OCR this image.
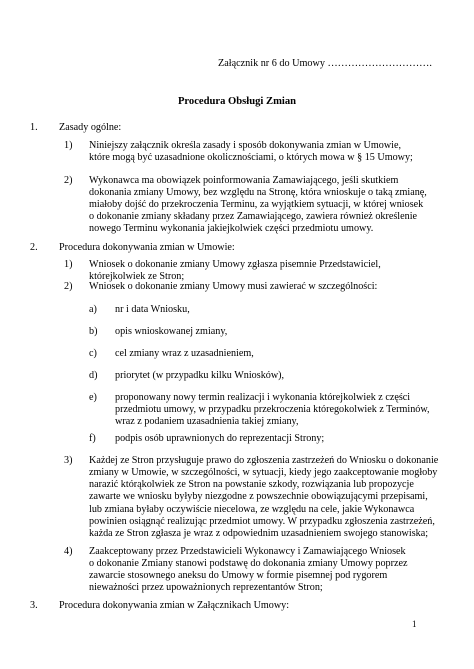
Załącznik nr 6 do Umowy ………………………….
Procedura Obsługi Zmian
1. Zasady ogólne:
1) Niniejszy załącznik określa zasady i sposób dokonywania zmian w Umowie,
które mogą być uzasadnione okolicznościami, o których mowa w § 15 Umowy;
2) Wykonawca ma obowiązek poinformowania Zamawiającego, jeśli skutkiem
dokonania zmiany Umowy, bez względu na Stronę, która wnioskuje o taką zmianę,
miałoby dojść do przekroczenia Terminu, za wyjątkiem sytuacji, w której wniosek
o dokonanie zmiany składany przez Zamawiającego, zawiera również określenie
nowego Terminu wykonania jakiejkolwiek części przedmiotu umowy.
2. Procedura dokonywania zmian w Umowie:
1) Wniosek o dokonanie zmiany Umowy zgłasza pisemnie Przedstawiciel,
którejkolwiek ze Stron;
2) Wniosek o dokonanie zmiany Umowy musi zawierać w szczególności:
a) nr i data Wniosku,
b) opis wnioskowanej zmiany,
c) cel zmiany wraz z uzasadnieniem,
d) priorytet (w przypadku kilku Wniosków),
e) proponowany nowy termin realizacji i wykonania którejkolwiek z części
przedmiotu umowy, w przypadku przekroczenia któregokolwiek z Terminów,
wraz z podaniem uzasadnienia takiej zmiany,
f) podpis osób uprawnionych do reprezentacji Strony;
3) Każdej ze Stron przysługuje prawo do zgłoszenia zastrzeżeń do Wniosku o dokonanie
zmiany w Umowie, w szczególności, w sytuacji, kiedy jego zaakceptowanie mogłoby
narazić którąkolwiek ze Stron na powstanie szkody, rozwiązania lub propozycje
zawarte we wniosku byłyby niezgodne z powszechnie obowiązującymi przepisami,
lub zmiana byłaby oczywiście niecelowa, ze względu na cele, jakie Wykonawca
powinien osiągnąć realizując przedmiot umowy. W przypadku zgłoszenia zastrzeżeń,
każda ze Stron zgłasza je wraz z odpowiednim uzasadnieniem swojego stanowiska;
4) Zaakceptowany przez Przedstawicieli Wykonawcy i Zamawiającego Wniosek
o dokonanie Zmiany stanowi podstawę do dokonania zmiany Umowy poprzez
zawarcie stosownego aneksu do Umowy w formie pisemnej pod rygorem
nieważności przez upoważnionych reprezentantów Stron;
3. Procedura dokonywania zmian w Załącznikach Umowy:
1
